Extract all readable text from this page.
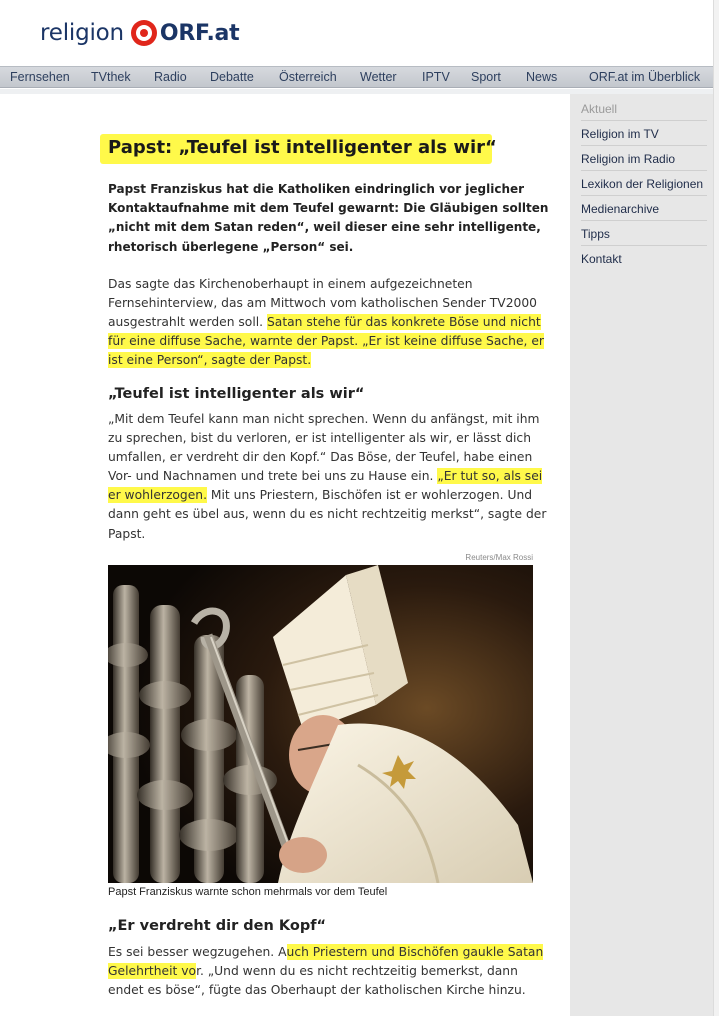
religion ORF.at
Fernsehen TVthek Radio Debatte Österreich Wetter IPTV Sport News	ORF.at im Überblick
Aktuell
Religion im TV
Religion im Radio
Lexikon der Religionen
Medienarchive
Tipps
Kontakt
Papst: „Teufel ist intelligenter als wir“
Papst Franziskus hat die Katholiken eindringlich vor jeglicher
Kontaktaufnahme mit dem Teufel gewarnt: Die Gläubigen sollten
„nicht mit dem Satan reden“, weil dieser eine sehr intelligente,
rhetorisch überlegene „Person“ sei.
Das sagte das Kirchenoberhaupt in einem aufgezeichneten
Fernsehinterview, das am Mittwoch vom katholischen Sender TV2000
ausgestrahlt werden soll. Satan stehe für das konkrete Böse und nicht
für eine diffuse Sache, warnte der Papst. „Er ist keine diffuse Sache, er
ist eine Person“, sagte der Papst.
„Teufel ist intelligenter als wir“
„Mit dem Teufel kann man nicht sprechen. Wenn du anfängst, mit ihm
zu sprechen, bist du verloren, er ist intelligenter als wir, er lässt dich
umfallen, er verdreht dir den Kopf.“ Das Böse, der Teufel, habe einen
Vor- und Nachnamen und trete bei uns zu Hause ein. „Er tut so, als sei
er wohlerzogen. Mit uns Priestern, Bischöfen ist er wohlerzogen. Und
dann geht es übel aus, wenn du es nicht rechtzeitig merkst“, sagte der
Papst.
Reuters/Max Rossi
Papst Franziskus warnte schon mehrmals vor dem Teufel
„Er verdreht dir den Kopf“
Es sei besser wegzugehen. Auch Priestern und Bischöfen gaukle Satan
Gelehrtheit vor. „Und wenn du es nicht rechtzeitig bemerkst, dann
endet es böse“, fügte das Oberhaupt der katholischen Kirche hinzu.
